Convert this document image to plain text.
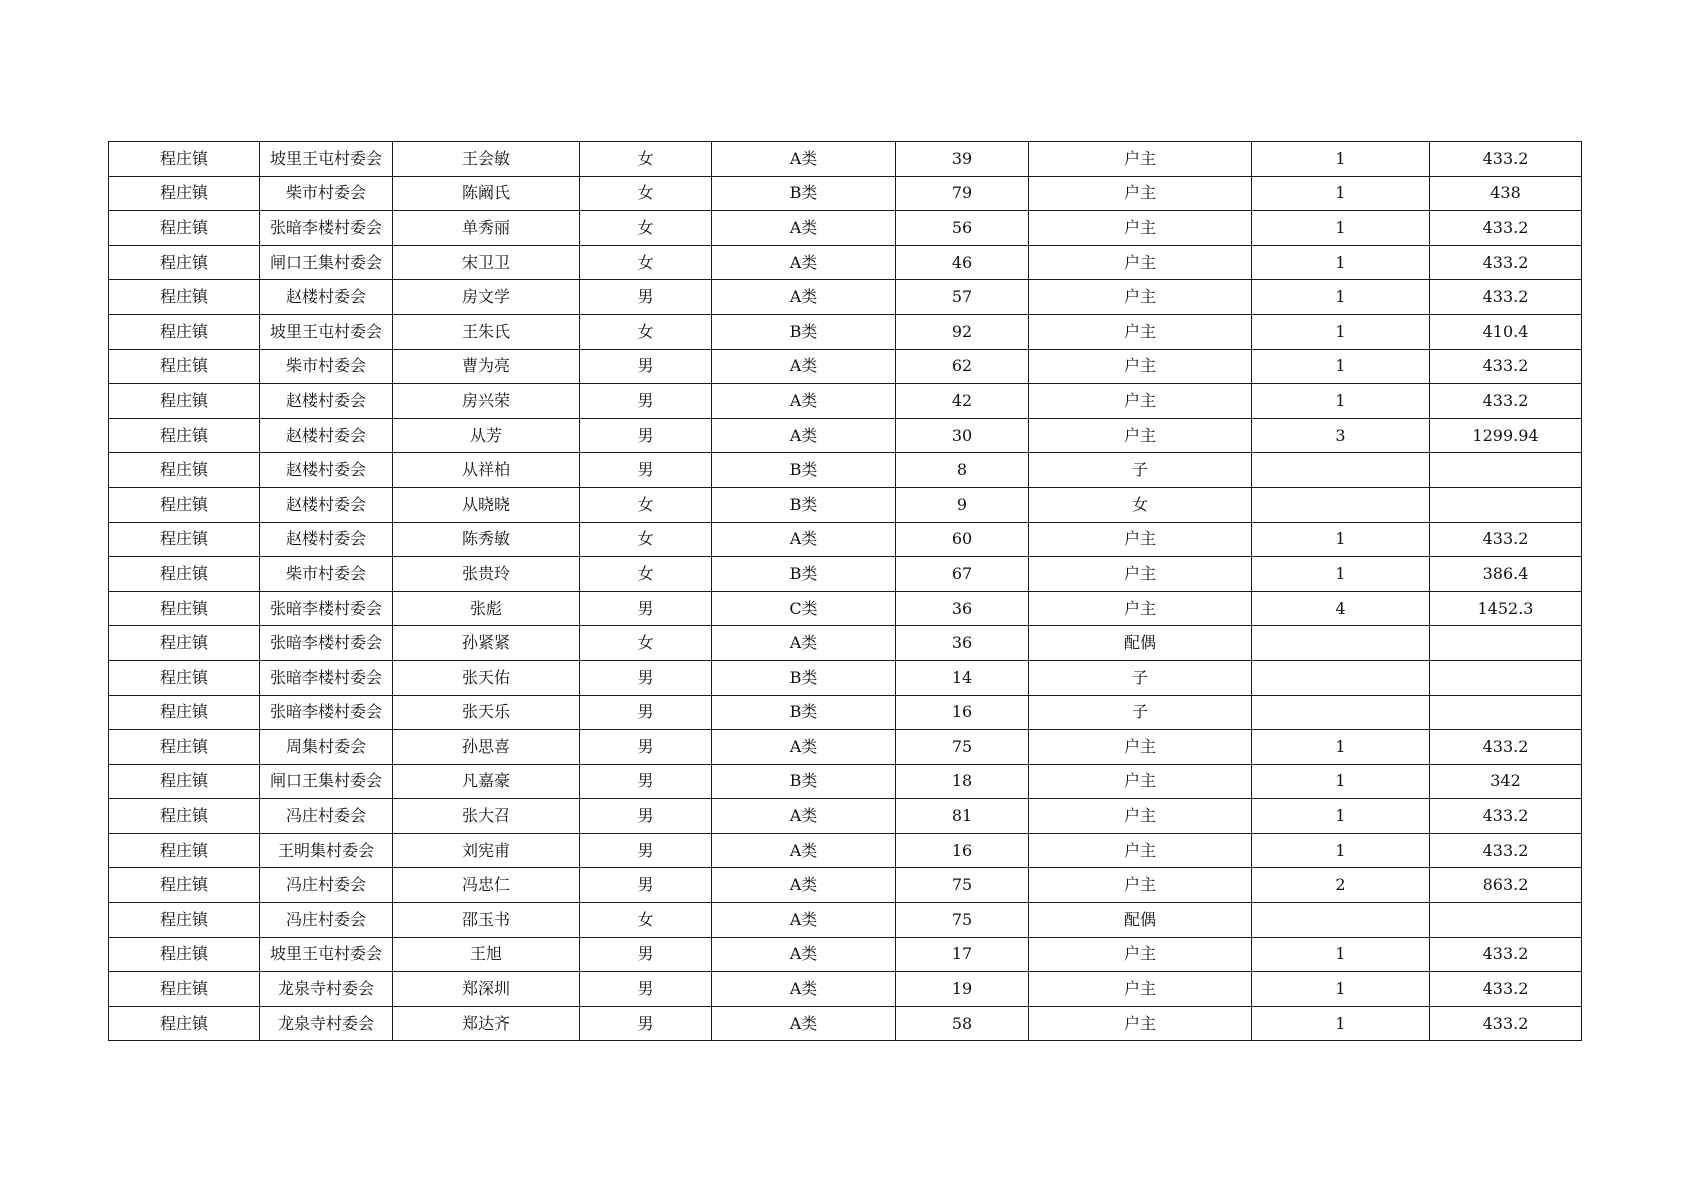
程庄镇	坡里王屯村委会	王会敏	女	A类	39	户主	1	433.2
程庄镇	柴市村委会	陈阚氏	女	B类	79	户主	1	438
程庄镇	张暗李楼村委会	单秀丽	女	A类	56	户主	1	433.2
程庄镇	闸口王集村委会	宋卫卫	女	A类	46	户主	1	433.2
程庄镇	赵楼村委会	房文学	男	A类	57	户主	1	433.2
程庄镇	坡里王屯村委会	王朱氏	女	B类	92	户主	1	410.4
程庄镇	柴市村委会	曹为亮	男	A类	62	户主	1	433.2
程庄镇	赵楼村委会	房兴荣	男	A类	42	户主	1	433.2
程庄镇	赵楼村委会	从芳	男	A类	30	户主	3	1299.94
程庄镇	赵楼村委会	从祥柏	男	B类	8	子		
程庄镇	赵楼村委会	从晓晓	女	B类	9	女		
程庄镇	赵楼村委会	陈秀敏	女	A类	60	户主	1	433.2
程庄镇	柴市村委会	张贵玲	女	B类	67	户主	1	386.4
程庄镇	张暗李楼村委会	张彪	男	C类	36	户主	4	1452.3
程庄镇	张暗李楼村委会	孙紧紧	女	A类	36	配偶		
程庄镇	张暗李楼村委会	张天佑	男	B类	14	子		
程庄镇	张暗李楼村委会	张天乐	男	B类	16	子		
程庄镇	周集村委会	孙思喜	男	A类	75	户主	1	433.2
程庄镇	闸口王集村委会	凡嘉豪	男	B类	18	户主	1	342
程庄镇	冯庄村委会	张大召	男	A类	81	户主	1	433.2
程庄镇	王明集村委会	刘宪甫	男	A类	16	户主	1	433.2
程庄镇	冯庄村委会	冯忠仁	男	A类	75	户主	2	863.2
程庄镇	冯庄村委会	邵玉书	女	A类	75	配偶		
程庄镇	坡里王屯村委会	王旭	男	A类	17	户主	1	433.2
程庄镇	龙泉寺村委会	郑深圳	男	A类	19	户主	1	433.2
程庄镇	龙泉寺村委会	郑达齐	男	A类	58	户主	1	433.2
